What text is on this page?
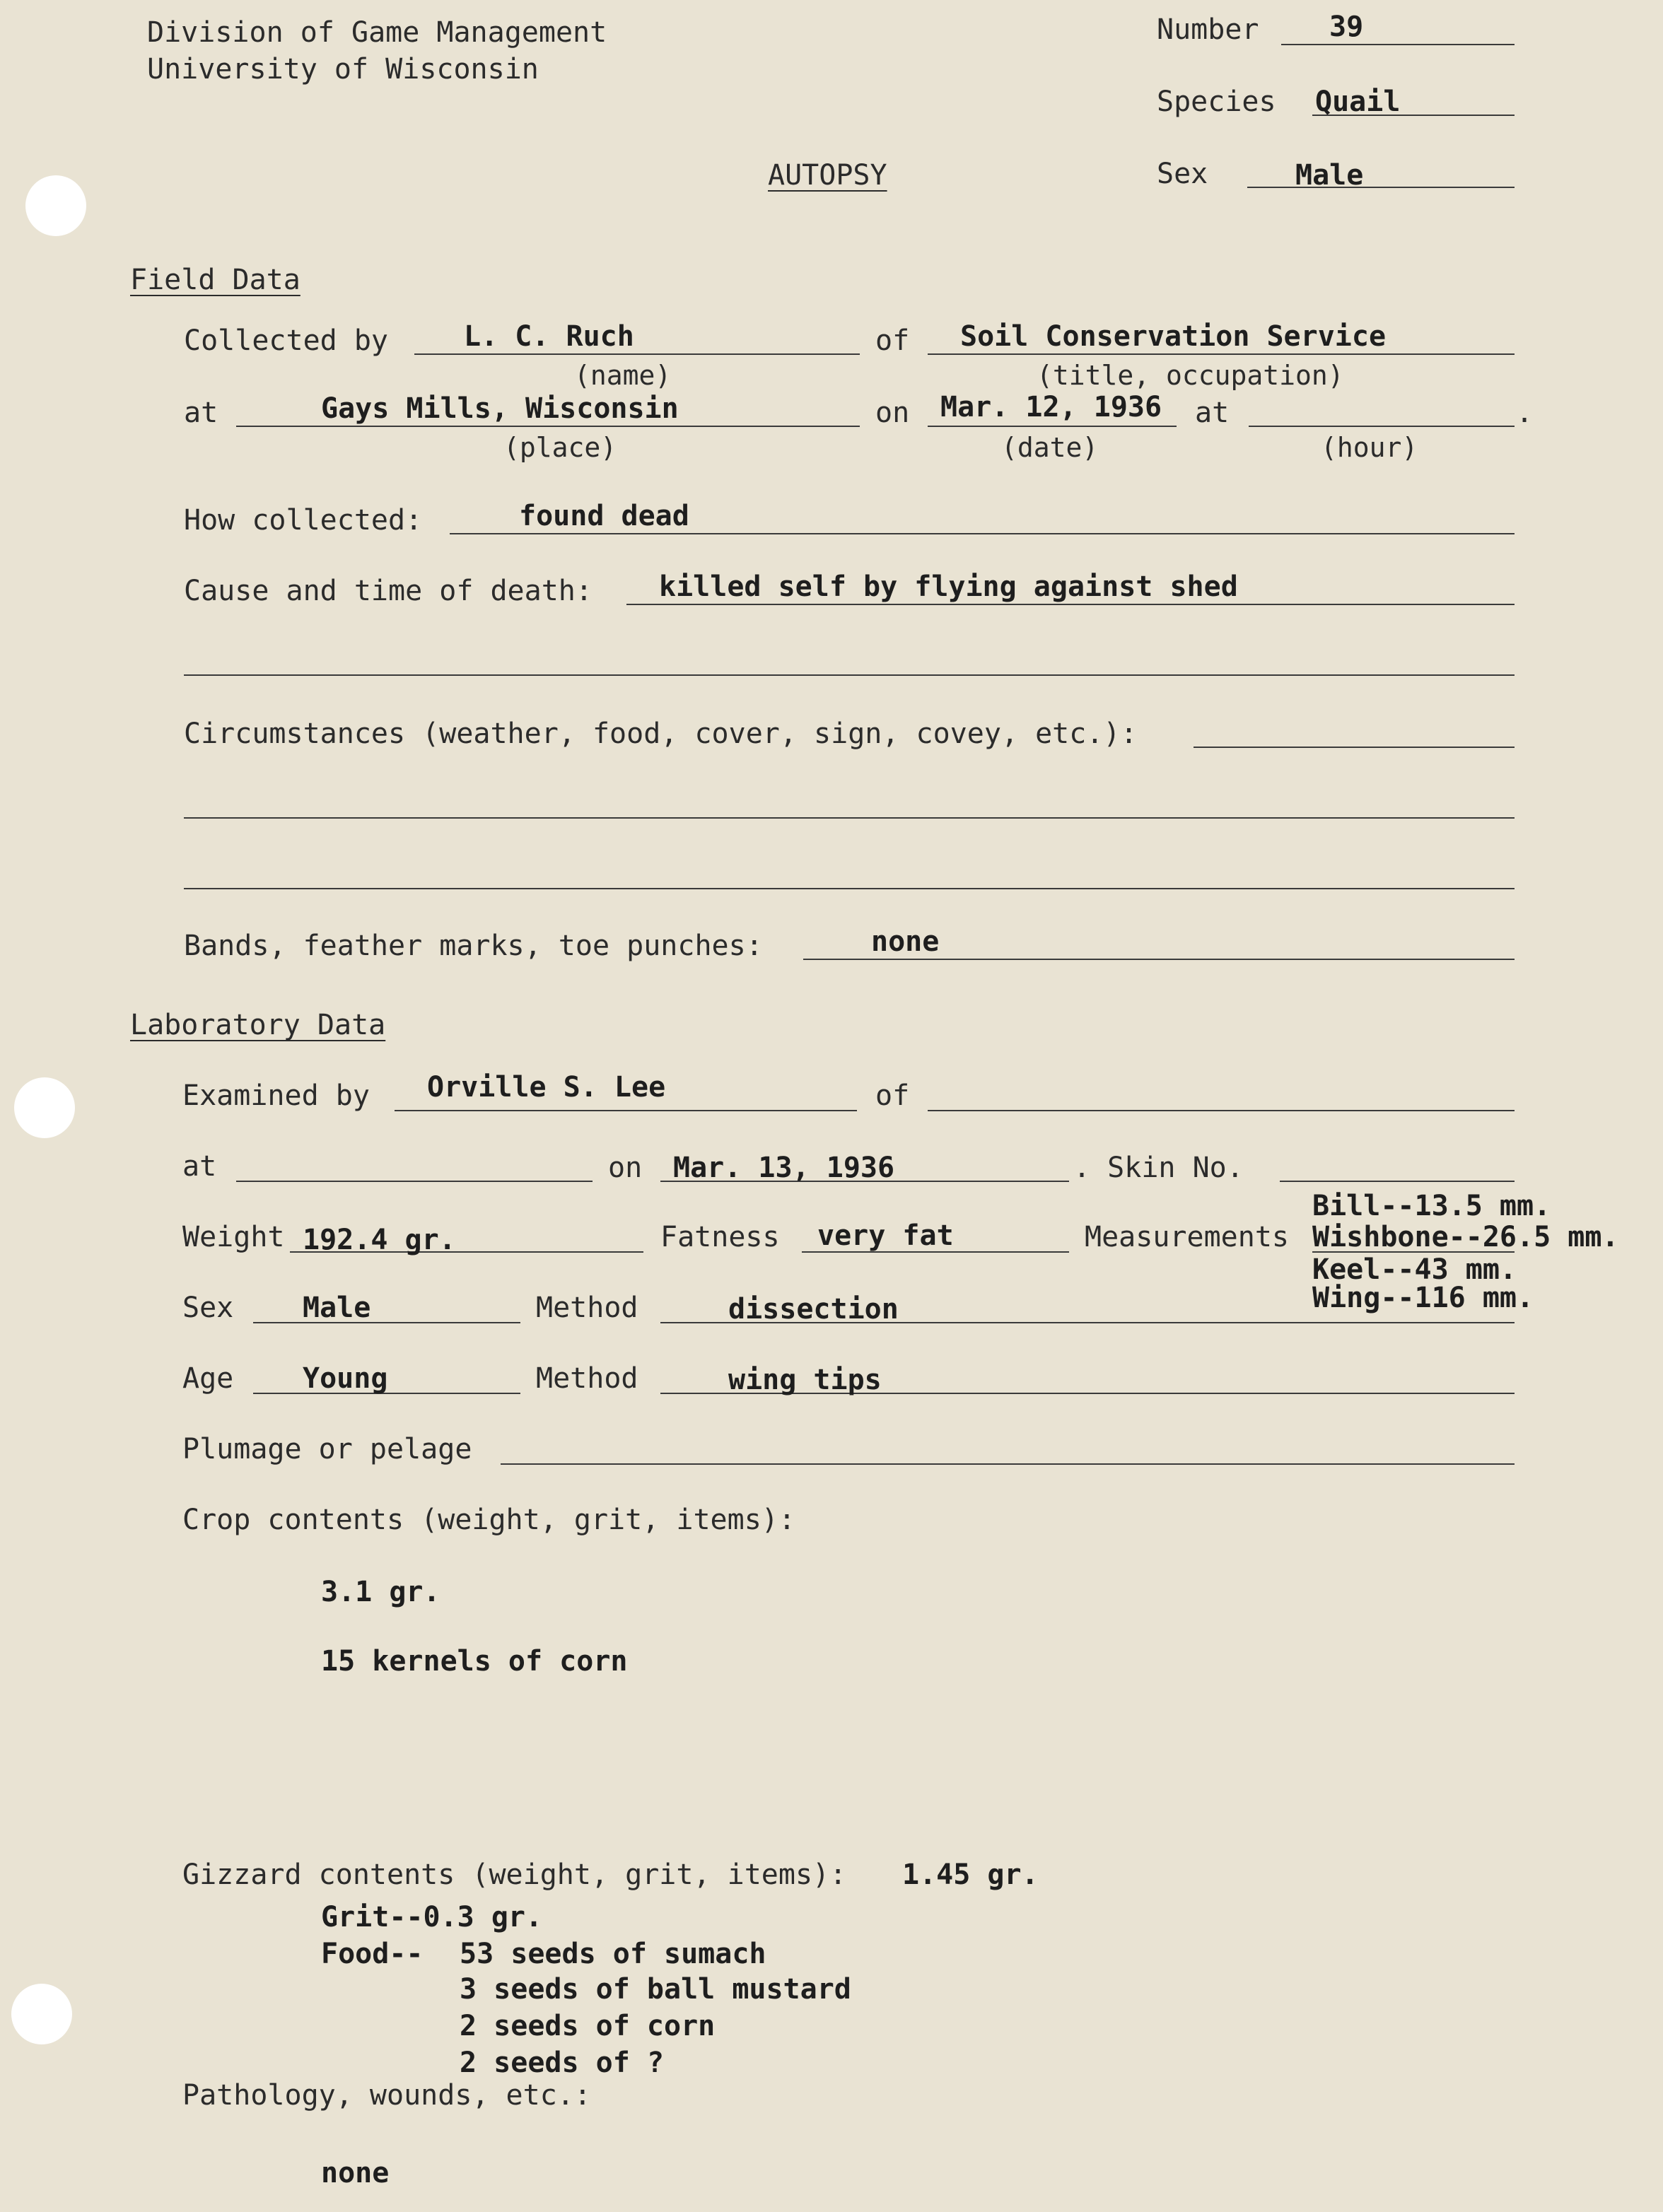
Division of Game Management
University of Wisconsin
AUTOPSY
Number 39
Species Quail
Sex	Male
Field Data
Collected by	L. C. Ruch
(name)
of Soil Conservation Service
(title, occupation)
at	Gays Mills, Wisconsin
(place)
on Mar. 12, 1936
(date)
at	.
(hour)
How collected:	found dead
Cause and time of death: killed self by flying against shed
Circumstances (weather, food, cover, sign, covey, etc.):
Bands, feather marks, toe punches:	none
Laboratory Data
Examined by Orville S. Lee	of
at	on Mar. 13, 1936	. Skin No.
Weight 192.4 gr.	Fatness very fat	Measurements
Bill--13.5 mm.
Wishbone--26.5 mm.
Keel--43 mm.
Wing--116 mm.
Sex Male	Method	dissection
Age Young	Method	wing tips
Plumage or pelage
Crop contents (weight, grit, items):
3.1 gr.
15 kernels of corn
Gizzard contents (weight, grit, items): 1.45 gr.
Grit--0.3 gr.
Food-- 53 seeds of sumach
3 seeds of ball mustard
2 seeds of corn
2 seeds of ?
Pathology, wounds, etc.:
none
